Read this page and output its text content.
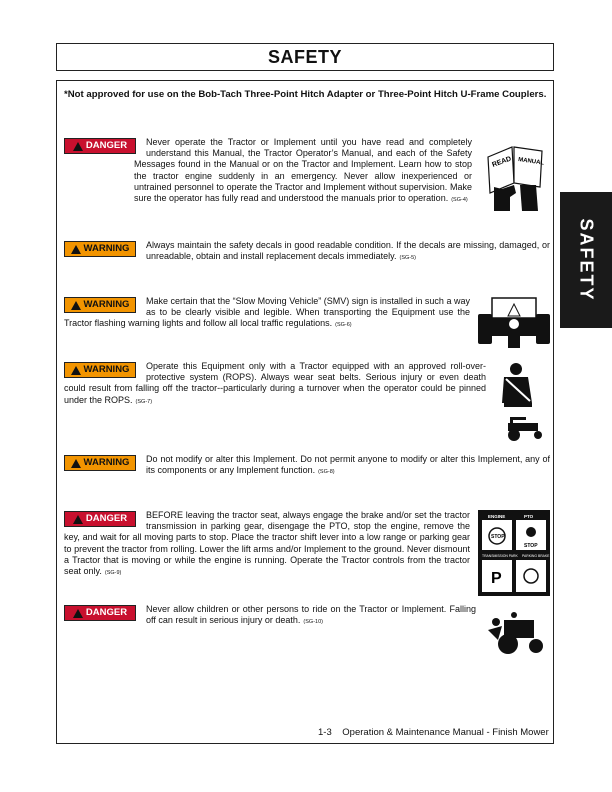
SAFETY
SAFETY
*Not approved for use on the Bob-Tach Three-Point Hitch Adapter or Three-Point Hitch U-Frame Couplers.
READ MANUAL
DANGER	Never operate the Tractor or Implement until you have read and completely understand this Manual, the Tractor Operator’s Manual, and each of the Safety Messages found in the Manual or on the Tractor and Implement. Learn how to stop the tractor engine suddenly in an emergency. Never allow inexperienced or untrained personnel to operate the Tractor and Implement without supervision. Make sure the operator has fully read and understood the manuals prior to operation. (SG-4)

WARNING	Always maintain the safety decals in good readable condition. If the decals are missing, damaged, or unreadable, obtain and install replacement decals immediately. (SG-5)

WARNING	Make certain that the “Slow Moving Vehicle” (SMV) sign is installed in such a way as to be clearly visible and legible. When transporting the Equipment use the Tractor flashing warning lights and follow all local traffic regulations. (SG-6)

WARNING	Operate this Equipment only with a Tractor equipped with an approved roll-over-protective system (ROPS). Always wear seat belts. Serious injury or even death could result from falling off the tractor--particularly during a turnover when the operator could be pinned under the ROPS. (SG-7)

WARNING	Do not modify or alter this Implement. Do not permit anyone to modify or alter this Implement, any of its components or any Implement function. (SG-8)

ENGINE	PTO
STOP
STOP
TRANSMISSION PARK PARKING BRAKE
P
DANGER	BEFORE leaving the tractor seat, always engage the brake and/or set the tractor transmission in parking gear, disengage the PTO, stop the engine, remove the key, and wait for all moving parts to stop. Place the tractor shift lever into a low range or parking gear to prevent the tractor from rolling. Lower the lift arms and/or Implement to the ground. Never dismount a Tractor that is moving or while the engine is running. Operate the Tractor controls from the tractor seat only. (SG-9)

DANGER	Never allow children or other persons to ride on the Tractor or Implement. Falling off can result in serious injury or death. (SG-10)

1-3 Operation & Maintenance Manual - Finish Mower
